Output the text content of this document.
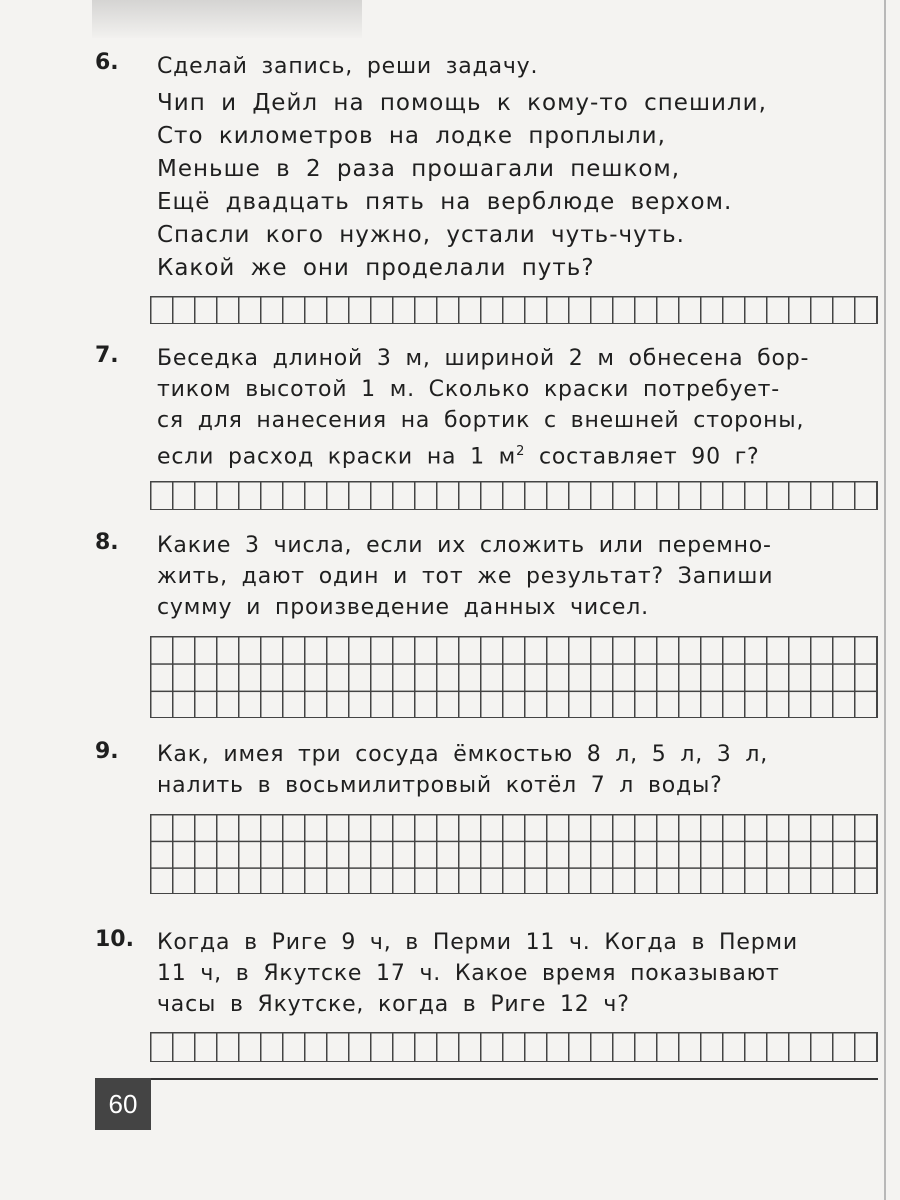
6. Сделай запись, реши задачу.
Чип и Дейл на помощь к кому-то спешили,
Сто километров на лодке проплыли,
Меньше в 2 раза прошагали пешком,
Ещё двадцать пять на верблюде верхом.
Спасли кого нужно, устали чуть-чуть.
Какой же они проделали путь?
7. Беседка длиной 3 м, шириной 2 м обнесена бор-
тиком высотой 1 м. Сколько краски потребует-
ся для нанесения на бортик с внешней стороны,
если расход краски на 1 $м^2$ составляет 90 г?
8. Какие 3 числа, если их сложить или перемно-
жить, дают один и тот же результат? Запиши
сумму и произведение данных чисел.
9. Как, имея три сосуда ёмкостью 8 л, 5 л, 3 л,
налить в восьмилитровый котёл 7 л воды?
10. Когда в Риге 9 ч, в Перми 11 ч. Когда в Перми
11 ч, в Якутске 17 ч. Какое время показывают
часы в Якутске, когда в Риге 12 ч?
60
